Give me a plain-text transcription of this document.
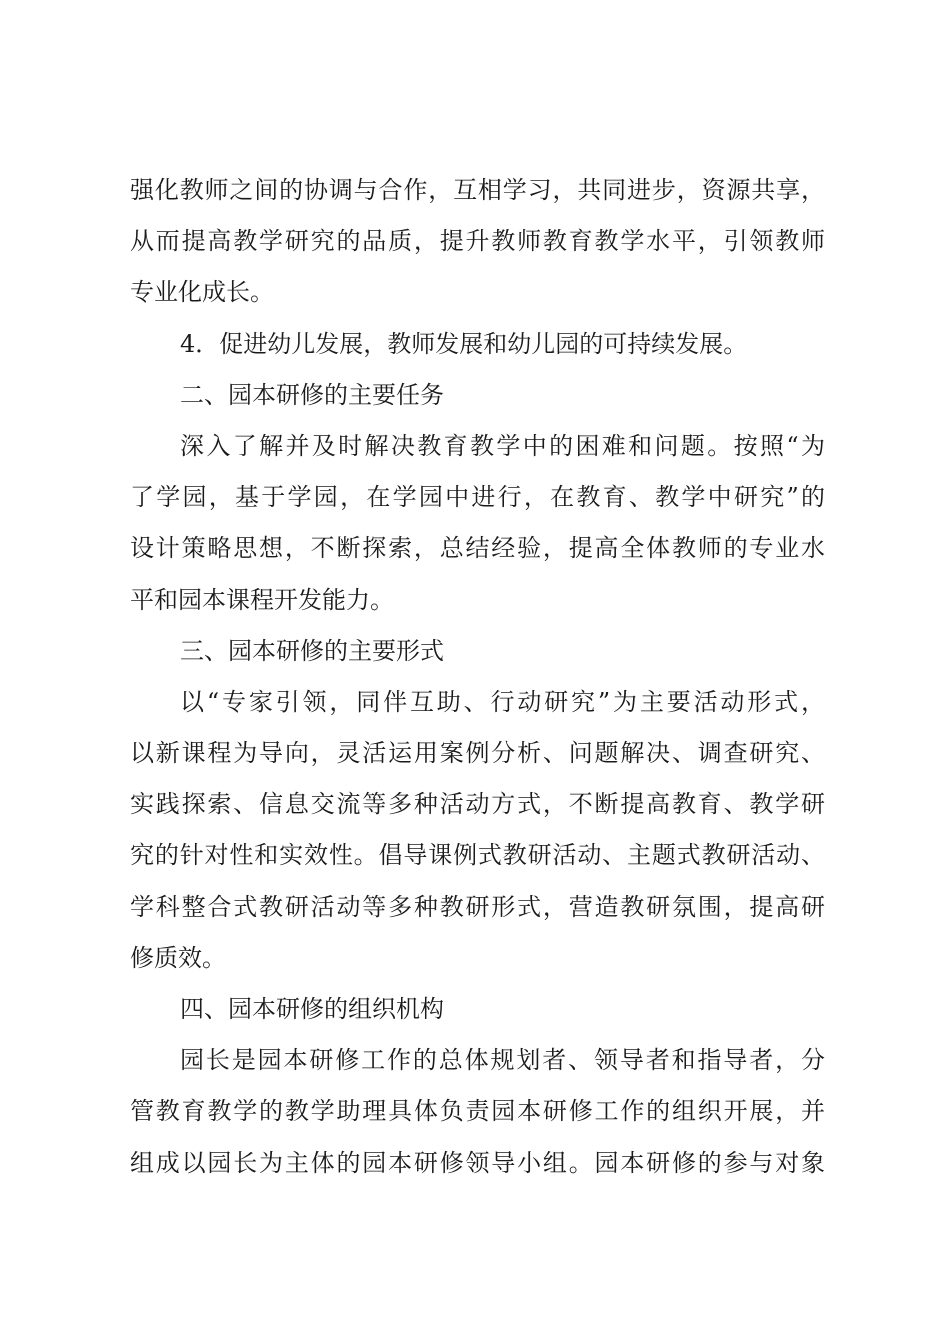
强化教师之间的协调与合作，互相学习，共同进步，资源共享，
从而提高教学研究的品质，提升教师教育教学水平，引领教师
专业化成长。
4．促进幼儿发展，教师发展和幼儿园的可持续发展。
二、园本研修的主要任务
深入了解并及时解决教育教学中的困难和问题。按照“为
了学园，基于学园，在学园中进行，在教育、教学中研究”的
设计策略思想，不断探索，总结经验，提高全体教师的专业水
平和园本课程开发能力。
三、园本研修的主要形式
以“专家引领，同伴互助、行动研究”为主要活动形式，
以新课程为导向，灵活运用案例分析、问题解决、调查研究、
实践探索、信息交流等多种活动方式，不断提高教育、教学研
究的针对性和实效性。倡导课例式教研活动、主题式教研活动、
学科整合式教研活动等多种教研形式，营造教研氛围，提高研
修质效。
四、园本研修的组织机构
园长是园本研修工作的总体规划者、领导者和指导者，分
管教育教学的教学助理具体负责园本研修工作的组织开展，并
组成以园长为主体的园本研修领导小组。园本研修的参与对象
